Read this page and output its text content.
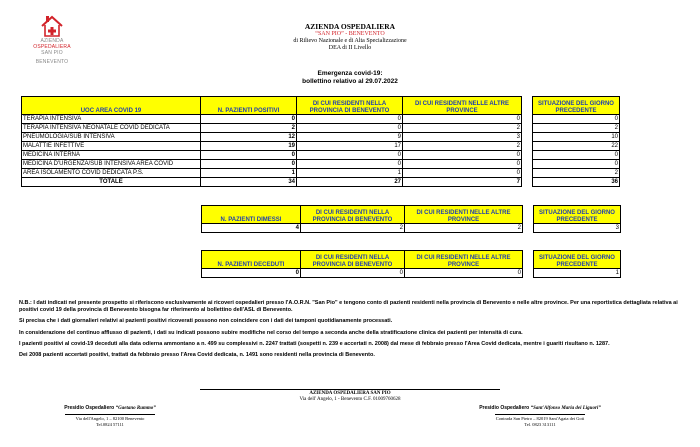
AZIENDA
OSPEDALIERA
SAN PIO
BENEVENTO
AZIENDA OSPEDALIERA
“SAN PIO” - BENEVENTO
di Rilievo Nazionale e di Alta Specializzazione
DEA di II Livello
Emergenza covid-19:
bollettino relativo al 29.07.2022
UOC AREA COVID 19	N. PAZIENTI POSITIVI	DI CUI RESIDENTI NELLA PROVINCIA DI BENEVENTO	DI CUI RESIDENTI NELLE ALTRE PROVINCE		SITUAZIONE DEL GIORNO PRECEDENTE
TERAPIA INTENSIVA	0	0	0		0
TERAPIA INTENSIVA NEONATALE COVID DEDICATA	2	0	2		2
PNEUMOLOGIA/SUB INTENSIVA	12	9	3		10
MALATTIE INFETTIVE	19	17	2		22
MEDICINA INTERNA	0	0	0		0
MEDICINA D'URGENZA/SUB INTENSIVA AREA COVID	0	0	0		0
AREA ISOLAMENTO COVID DEDICATA P.S.	1	1	0		2
TOTALE	34	27	7		36
N. PAZIENTI DIMESSI	DI CUI RESIDENTI NELLA PROVINCIA DI BENEVENTO	DI CUI RESIDENTI NELLE ALTRE PROVINCE		SITUAZIONE DEL GIORNO PRECEDENTE
4	2	2		3
N. PAZIENTI DECEDUTI	DI CUI RESIDENTI NELLA PROVINCIA DI BENEVENTO	DI CUI RESIDENTI NELLE ALTRE PROVINCE		SITUAZIONE DEL GIORNO PRECEDENTE
0	0	0		1

N.B.: I dati indicati nel presente prospetto si riferiscono esclusivamente ai ricoveri ospedalieri presso l'A.O.R.N. "San Pio" e tengono conto di pazienti residenti nella provincia di Benevento e nelle altre province. Per una reportistica dettagliata relativa ai positivi covid 19 della provincia di Benevento bisogna far riferimento al bollettino dell'ASL di Benevento.

Si precisa che i dati giornalieri relativi ai pazienti positivi ricoverati possono non coincidere con i dati dei tamponi quotidianamente processati.

In considerazione del continuo afflusso di pazienti, i dati su indicati possono subire modifiche nel corso del tempo a seconda anche della stratificazione clinica dei pazienti per intensità di cura.

I pazienti positivi al covid-19 deceduti alla data odierna ammontano a n. 499 su complessivi n. 2247 trattati (sospetti n. 239 e accertati n. 2008) dal mese di febbraio presso l'Area Covid dedicata, mentre i guariti risultano n. 1287.

Dei 2008 pazienti accertati positivi, trattati da febbraio presso l'Area Covid dedicata, n. 1491 sono residenti nella provincia di Benevento.

AZIENDA OSPEDALIERA SAN PIO
Via dell' Angelo, 1 - Benevento C.F. 01009760628
Presidio Ospedaliero “Gaetano Rummo”
Via dell'Angelo, 1 – 82100 Benevento
Tel.0824 57111
Presidio Ospedaliero “Sant'Alfonso Maria dei Liguori”
Contrada San Pietro – 82019 Sant'Agata dei Goti
Tel. 0823 313111
